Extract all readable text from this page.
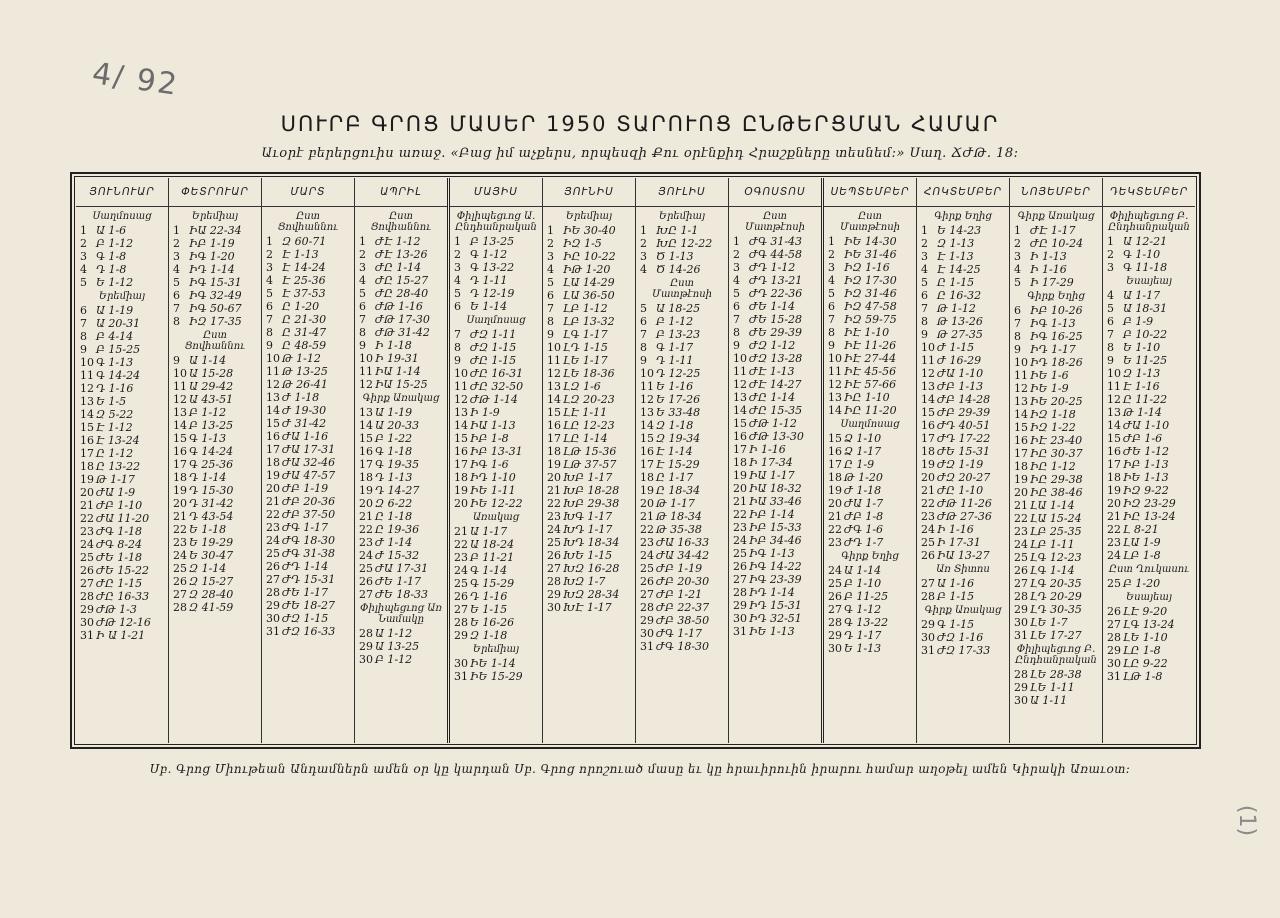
4/ 92
ՍՈՒՐԲ ԳՐՈՑ ՄԱՍԵՐ 1950 ՏԱՐՈՒՈՑ ԸՆԹԵՐՑՄԱՆ ՀԱՄԱՐ
Աւօրէ բերերցուիս առաջ. «Բաց իմ աչքերս, որպեսզի Քու օրէնքիդ Հրաշքները տեսնեմ:» Սաղ. ՃԺԹ. 18:
ՅՈՒՆՈՒԱՐ
Սաղմոսաց
1 Ա 1-6
2 Բ 1-12
3 Գ 1-8
4 Դ 1-8
5 Ե 1-12
Երեմիայ
6 Ա 1-19
7 Ա 20-31
8 Բ 4-14
9 Բ 15-25
10 Գ 1-13
11 Գ 14-24
12 Դ 1-16
13 Ե 1-5
14 Զ 5-22
15 Է 1-12
16 Է 13-24
17 Ը 1-12
18 Ը 13-22
19 Թ 1-17
20 ԺԱ 1-9
21 ԺԲ 1-10
22 ԺԱ 11-20
23 ԺԳ 1-18
24 ԺԳ 8-24
25 ԺԵ 1-18
26 ԺԵ 15-22
27 ԺԸ 1-15
28 ԺԸ 16-33
29 ԺԹ 1-3
30 ԺԹ 12-16
31 Ի Ա 1-21
ՓԵՏՐՈՒԱՐ
Երեմիայ
1 ԻԱ 22-34
2 ԻԲ 1-19
3 ԻԳ 1-20
4 ԻԴ 1-14
5 ԻԳ 15-31
6 ԻԳ 32-49
7 ԻԳ 50-67
8 ԻԶ 17-35
Ըստ Ցովհաննու
9 Ա 1-14
10 Ա 15-28
11 Ա 29-42
12 Ա 43-51
13 Բ 1-12
14 Բ 13-25
15 Գ 1-13
16 Գ 14-24
17 Գ 25-36
18 Դ 1-14
19 Դ 15-30
20 Դ 31-42
21 Դ 43-54
22 Ե 1-18
23 Ե 19-29
24 Ե 30-47
25 Զ 1-14
26 Զ 15-27
27 Զ 28-40
28 Զ 41-59
ՄԱՐՏ
Ըստ Ցովհաննու
1 Զ 60-71
2 Է 1-13
3 Է 14-24
4 Է 25-36
5 Է 37-53
6 Ը 1-20
7 Ը 21-30
8 Ը 31-47
9 Ը 48-59
10 Թ 1-12
11 Թ 13-25
12 Թ 26-41
13 Ժ 1-18
14 Ժ 19-30
15 Ժ 31-42
16 ԺԱ 1-16
17 ԺԱ 17-31
18 ԺԱ 32-46
19 ԺԱ 47-57
20 ԺԲ 1-19
21 ԺԲ 20-36
22 ԺԲ 37-50
23 ԺԳ 1-17
24 ԺԳ 18-30
25 ԺԳ 31-38
26 ԺԴ 1-14
27 ԺԴ 15-31
28 ԺԵ 1-17
29 ԺԵ 18-27
30 ԺԶ 1-15
31 ԺԶ 16-33
ԱՊՐԻԼ
Ըստ Ցովհաննու
1 ԺԷ 1-12
2 ԺԷ 13-26
3 ԺԸ 1-14
4 ԺԸ 15-27
5 ԺԸ 28-40
6 ԺԹ 1-16
7 ԺԹ 17-30
8 ԺԹ 31-42
9 Ի 1-18
10 Ի 19-31
11 ԻԱ 1-14
12 ԻԱ 15-25
Գիրք Առակաց
13 Ա 1-19
14 Ա 20-33
15 Բ 1-22
16 Գ 1-18
17 Գ 19-35
18 Դ 1-13
19 Դ 14-27
20 Զ 6-22
21 Ը 1-18
22 Ը 19-36
23 Ժ 1-14
24 Ժ 15-32
25 ԺԱ 17-31
26 ԺԵ 1-17
27 ԺԵ 18-33
Փիլիպեցւոց Առ Նամակը
28 Ա 1-12
29 Ա 13-25
30 Բ 1-12
ՄԱՅԻՍ
Փիլիպեցւոց Ա. Ընդհանրական
1 Բ 13-25
2 Գ 1-12
3 Գ 13-22
4 Դ 1-11
5 Դ 12-19
6 Ե 1-14
Սաղմոսաց
7 ԺԶ 1-11
8 ԺԶ 1-15
9 ԺԸ 1-15
10 ԺԸ 16-31
11 ԺԸ 32-50
12 ԺԹ 1-14
13 Ի 1-9
14 ԻԱ 1-13
15 ԻԲ 1-8
16 ԻԲ 13-31
17 ԻԳ 1-6
18 ԻԴ 1-10
19 ԻԵ 1-11
20 ԻԵ 12-22
Առակաց
21 Ա 1-17
22 Ա 18-24
23 Բ 11-21
24 Գ 1-14
25 Գ 15-29
26 Դ 1-16
27 Ե 1-15
28 Ե 16-26
29 Զ 1-18
Երեմիայ
30 ԻԵ 1-14
31 ԻԵ 15-29
ՅՈՒՆԻՍ
Երեմիայ
1 ԻԵ 30-40
2 ԻԶ 1-5
3 ԻԸ 10-22
4 ԻԹ 1-20
5 ԼԱ 14-29
6 ԼԱ 36-50
7 ԼԲ 1-12
8 ԼԲ 13-32
9 ԼԳ 1-17
10 ԼԴ 1-15
11 ԼԵ 1-17
12 ԼԵ 18-36
13 ԼԶ 1-6
14 ԼԶ 20-23
15 ԼԷ 1-11
16 ԼԸ 12-23
17 ԼԸ 1-14
18 ԼԹ 15-36
19 ԼԹ 37-57
20 ԽԲ 1-17
21 ԽԲ 18-28
22 ԽԲ 29-38
23 ԽԳ 1-17
24 ԽԴ 1-17
25 ԽԴ 18-34
26 ԽԵ 1-15
27 ԽԶ 16-28
28 ԽԶ 1-7
29 ԽԶ 28-34
30 ԽԷ 1-17
ՅՈՒԼԻՍ
Երեմիայ
1 ԽԸ 1-1
2 ԽԸ 12-22
3 Ծ 1-13
4 Ծ 14-26
Ըստ Մատթէոսի
5 Ա 18-25
6 Բ 1-12
7 Բ 13-23
8 Գ 1-17
9 Դ 1-11
10 Դ 12-25
11 Ե 1-16
12 Ե 17-26
13 Ե 33-48
14 Զ 1-18
15 Զ 19-34
16 Է 1-14
17 Է 15-29
18 Ը 1-17
19 Ը 18-34
20 Թ 1-17
21 Թ 18-34
22 Թ 35-38
23 ԺԱ 16-33
24 ԺԱ 34-42
25 ԺԲ 1-19
26 ԺԲ 20-30
27 ԺԲ 1-21
28 ԺԲ 22-37
29 ԺԲ 38-50
30 ԺԳ 1-17
31 ԺԳ 18-30
ՕԳՈՍՏՈՍ
Ըստ Մատթէոսի
1 ԺԳ 31-43
2 ԺԳ 44-58
3 ԺԴ 1-12
4 ԺԴ 13-21
5 ԺԴ 22-36
6 ԺԵ 1-14
7 ԺԵ 15-28
8 ԺԵ 29-39
9 ԺԶ 1-12
10 ԺԶ 13-28
11 ԺԷ 1-13
12 ԺԷ 14-27
13 ԺԸ 1-14
14 ԺԸ 15-35
15 ԺԹ 1-12
16 ԺԹ 13-30
17 Ի 1-16
18 Ի 17-34
19 ԻԱ 1-17
20 ԻԱ 18-32
21 ԻԱ 33-46
22 ԻԲ 1-14
23 ԻԲ 15-33
24 ԻԲ 34-46
25 ԻԳ 1-13
26 ԻԳ 14-22
27 ԻԳ 23-39
28 ԻԴ 1-14
29 ԻԴ 15-31
30 ԻԴ 32-51
31 ԻԵ 1-13
ՍԵՊՏԵՄԲԵՐ
Ըստ Մատթէոսի
1 ԻԵ 14-30
2 ԻԵ 31-46
3 ԻԶ 1-16
4 ԻԶ 17-30
5 ԻԶ 31-46
6 ԻԶ 47-58
7 ԻԶ 59-75
8 ԻԷ 1-10
9 ԻԷ 11-26
10 ԻԷ 27-44
11 ԻԷ 45-56
12 ԻԷ 57-66
13 ԻԸ 1-10
14 ԻԸ 11-20
Սաղմոսաց
15 Ձ 1-10
16 Ձ 1-17
17 Ը 1-9
18 Թ 1-20
19 Ժ 1-18
20 ԺԱ 1-7
21 ԺԲ 1-8
22 ԺԳ 1-6
23 ԺԴ 1-7
Գիրք Եղից
24 Ա 1-14
25 Բ 1-10
26 Բ 11-25
27 Գ 1-12
28 Գ 13-22
29 Դ 1-17
30 Ե 1-13
ՀՈԿՏԵՄԲԵՐ
Գիրք Եղից
1 Ե 14-23
2 Զ 1-13
3 Է 1-13
4 Է 14-25
5 Ը 1-15
6 Ը 16-32
7 Թ 1-12
8 Թ 13-26
9 Թ 27-35
10 Ժ 1-15
11 Ժ 16-29
12 ԺԱ 1-10
13 ԺԲ 1-13
14 ԺԲ 14-28
15 ԺԲ 29-39
16 ԺԴ 40-51
17 ԺԴ 17-22
18 ԺԵ 15-31
19 ԺԶ 1-19
20 ԺԶ 20-27
21 ԺԸ 1-10
22 ԺԹ 11-26
23 ԺԹ 27-36
24 Ի 1-16
25 Ի 17-31
26 ԻԱ 13-27
Առ Տիտոս
27 Ա 1-16
28 Բ 1-15
Գիրք Առակաց
29 Գ 1-15
30 ԺԶ 1-16
31 ԺԶ 17-33
ՆՈՅԵՄԲԵՐ
Գիրք Առակաց
1 ԺԷ 1-17
2 ԺԸ 10-24
3 Ի 1-13
4 Ի 1-16
5 Ի 17-29
Գիրք Եղից
6 ԻԲ 10-26
7 ԻԳ 1-13
8 ԻԳ 16-25
9 ԻԴ 1-17
10 ԻԴ 18-26
11 ԻԵ 1-6
12 ԻԵ 1-9
13 ԻԵ 20-25
14 ԻԶ 1-18
15 ԻԶ 1-22
16 ԻԷ 23-40
17 ԻԸ 30-37
18 ԻԸ 1-12
19 ԻԸ 29-38
20 ԻԸ 38-46
21 ԼԱ 1-14
22 ԼԱ 15-24
23 ԼԲ 25-35
24 ԼԲ 1-11
25 ԼԳ 12-23
26 ԼԳ 1-14
27 ԼԳ 20-35
28 ԼԴ 20-29
29 ԼԴ 30-35
30 ԼԵ 1-7
31 ԼԵ 17-27
Փիլիպեցւոց Բ. Ընդհանրական
28 ԼԵ 28-38
29 ԼԵ 1-11
30 Ա 1-11
ԴԵԿՏԵՄԲԵՐ
Փիլիպեցւոց Բ. Ընդհանրական
1 Ա 12-21
2 Գ 1-10
3 Գ 11-18
Եսայեայ
4 Ա 1-17
5 Ա 18-31
6 Բ 1-9
7 Բ 10-22
8 Ե 1-10
9 Ե 11-25
10 Զ 1-13
11 Է 1-16
12 Ը 11-22
13 Թ 1-14
14 ԺԱ 1-10
15 ԺԲ 1-6
16 ԺԵ 1-12
17 ԻԲ 1-13
18 ԻԵ 1-13
19 ԻԶ 9-22
20 ԻԶ 23-29
21 ԻԸ 13-24
22 Լ 8-21
23 ԼԱ 1-9
24 ԼԲ 1-8
Ըստ Ղուկասու
25 Բ 1-20
Եսայեայ
26 ԼԷ 9-20
27 ԼԳ 13-24
28 ԼԵ 1-10
29 ԼԸ 1-8
30 ԼԸ 9-22
31 ԼԹ 1-8
Սբ. Գրոց Միութեան Անդամներն ամեն օր կը կարդան Սբ. Գրոց որոշուած մասը եւ կը հրաւիրուին իրարու համար աղօթել ամեն Կիրակի Առաւօտ:
(1)
